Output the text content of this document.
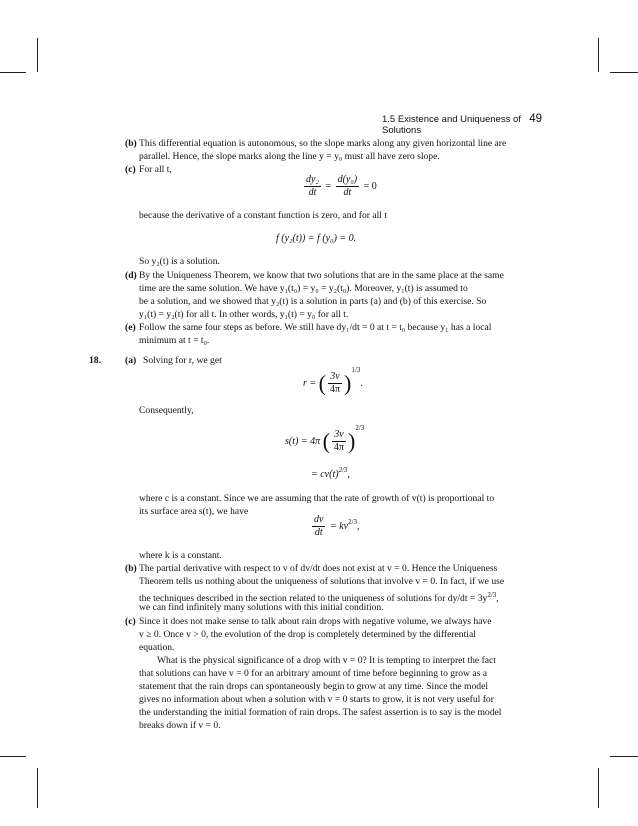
1.5 Existence and Uniqueness of Solutions
49
(b) This differential equation is autonomous, so the slope marks along any given horizontal line are
parallel. Hence, the slope marks along the line y = y₀ must all have zero slope.
(c) For all t,
$\frac{\text{dy₂}}{dt} = \frac{\text{d(y₀)}}{dt} = 0$
because the derivative of a constant function is zero, and for all t
f (y₂(t)) = f (y₀) = 0.
So y₂(t) is a solution.
(d) By the Uniqueness Theorem, we know that two solutions that are in the same place at the same
time are the same solution. We have y₁(t₀) = y₀ = y₂(t₀). Moreover, y₁(t) is assumed to
be a solution, and we showed that y₂(t) is a solution in parts (a) and (b) of this exercise. So
y₁(t) = y₂(t) for all t. In other words, y₁(t) = y₀ for all t.
(e) Follow the same four steps as before. We still have dy₁/dt = 0 at t = t₀ because y₁ has a local
minimum at t = t₀.
18.	(a) Solving for r, we get
r = ( $\frac{3v}{4\pi} )^{1/3}$.
Consequently,
s(t) = 4π ( $\frac{3v}{4\pi} )^{2/3}$
= $cv(t)^{2/3}$,
where c is a constant. Since we are assuming that the rate of growth of v(t) is proportional to
its surface area s(t), we have
$\frac{dv}{dt} = kv^{2/3}$,
where k is a constant.
(b) The partial derivative with respect to v of dv/dt does not exist at v = 0. Hence the Uniqueness
Theorem tells us nothing about the uniqueness of solutions that involve v = 0. In fact, if we use
the techniques described in the section related to the uniqueness of solutions for $dy/dt = 3y^{2/3}$,
we can find infinitely many solutions with this initial condition.
(c) Since it does not make sense to talk about rain drops with negative volume, we always have
v ≥ 0. Once v > 0, the evolution of the drop is completely determined by the differential
equation.
What is the physical significance of a drop with v = 0? It is tempting to interpret the fact
that solutions can have v = 0 for an arbitrary amount of time before beginning to grow as a
statement that the rain drops can spontaneously begin to grow at any time. Since the model
gives no information about when a solution with v = 0 starts to grow, it is not very useful for
the understanding the initial formation of rain drops. The safest assertion is to say is the model
breaks down if v = 0.
